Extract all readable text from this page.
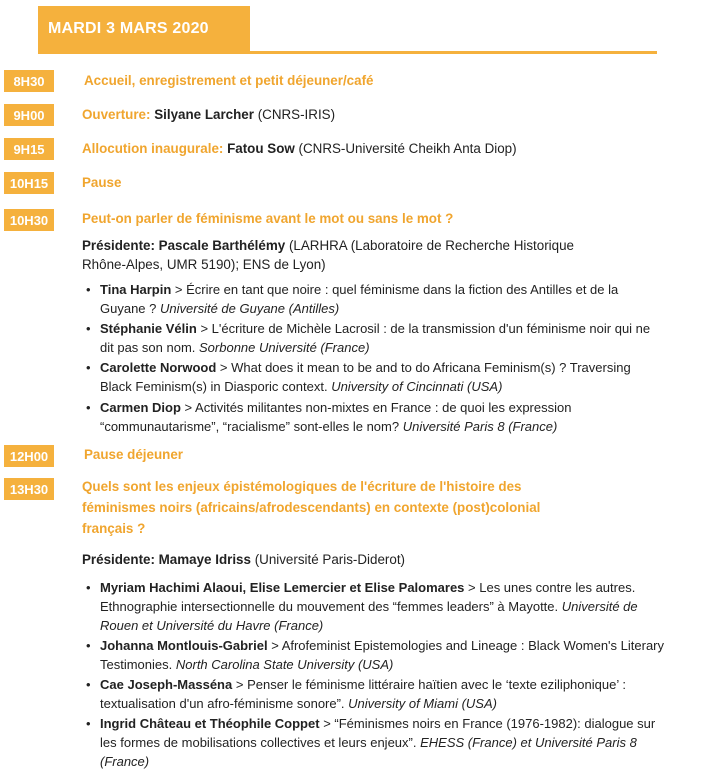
MARDI 3 MARS 2020
8H30	Accueil, enregistrement et petit déjeuner/café
9H00	Ouverture: Silyane Larcher (CNRS-IRIS)
9H15	Allocution inaugurale: Fatou Sow (CNRS-Université Cheikh Anta Diop)
10H15	Pause
10H30	Peut-on parler de féminisme avant le mot ou sans le mot ?
Présidente: Pascale Barthélémy (LARHRA (Laboratoire de Recherche Historique
Rhône-Alpes, UMR 5190); ENS de Lyon)
• Tina Harpin > Écrire en tant que noire : quel féminisme dans la fiction des Antilles et de la Guyane ? Université de Guyane (Antilles)
• Stéphanie Vélin > L'écriture de Michèle Lacrosil : de la transmission d'un féminisme noir qui ne dit pas son nom. Sorbonne Université (France)
• Carolette Norwood > What does it mean to be and to do Africana Feminism(s) ? Traversing Black Feminism(s) in Diasporic context. University of Cincinnati (USA)
• Carmen Diop > Activités militantes non-mixtes en France : de quoi les expression “communautarisme”, “racialisme” sont-elles le nom? Université Paris 8 (France)
12H00	Pause déjeuner
13H30	Quels sont les enjeux épistémologiques de l'écriture de l'histoire des
féminismes noirs (africains/afrodescendants) en contexte (post)colonial
français ?
Présidente: Mamaye Idriss (Université Paris-Diderot)
• Myriam Hachimi Alaoui, Elise Lemercier et Elise Palomares > Les unes contre les autres. Ethnographie intersectionnelle du mouvement des “femmes leaders” à Mayotte. Université de Rouen et Université du Havre (France)
• Johanna Montlouis-Gabriel > Afrofeminist Epistemologies and Lineage : Black Women's Literary Testimonies. North Carolina State University (USA)
• Cae Joseph-Masséna > Penser le féminisme littéraire haïtien avec le ‘texte eziliphonique’ : textualisation d'un afro-féminisme sonore”. University of Miami (USA)
• Ingrid Château et Théophile Coppet > “Féminismes noirs en France (1976-1982): dialogue sur les formes de mobilisations collectives et leurs enjeux”. EHESS (France) et Université Paris 8 (France)
